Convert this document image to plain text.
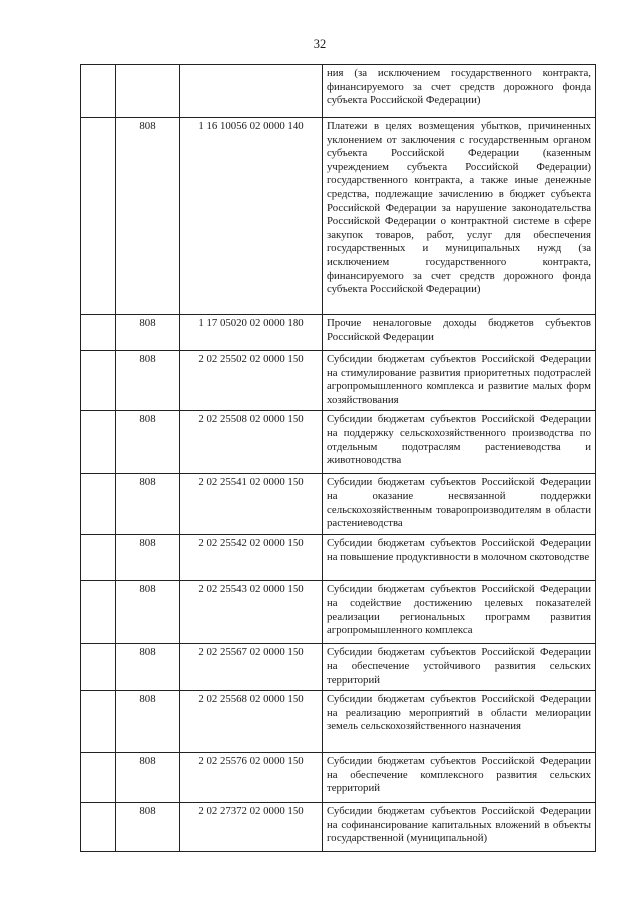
32
			ния (за исключением государственного контракта, финансируемого за счет средств дорожного фонда субъекта Российской Федерации)
	808	1 16 10056 02 0000 140	Платежи в целях возмещения убытков, причиненных уклонением от заключения с государственным органом субъекта Российской Федерации (казенным учреждением субъекта Российской Федерации) государственного контракта, а также иные денежные средства, подлежащие зачислению в бюджет субъекта Российской Федерации за нарушение законодательства Российской Федерации о контрактной системе в сфере закупок товаров, работ, услуг для обеспечения государственных и муниципальных нужд (за исключением государственного контракта, финансируемого за счет средств дорожного фонда субъекта Российской Федерации)
	808	1 17 05020 02 0000 180	Прочие неналоговые доходы бюджетов субъектов Российской Федерации
	808	2 02 25502 02 0000 150	Субсидии бюджетам субъектов Российской Федерации на стимулирование развития приоритетных подотраслей агропромышленного комплекса и развитие малых форм хозяйствования
	808	2 02 25508 02 0000 150	Субсидии бюджетам субъектов Российской Федерации на поддержку сельскохозяйственного производства по отдельным подотраслям растениеводства и животноводства
	808	2 02 25541 02 0000 150	Субсидии бюджетам субъектов Российской Федерации на оказание несвязанной поддержки сельскохозяйственным товаропроизводителям в области растениеводства
	808	2 02 25542 02 0000 150	Субсидии бюджетам субъектов Российской Федерации на повышение продуктивности в молочном скотоводстве
	808	2 02 25543 02 0000 150	Субсидии бюджетам субъектов Российской Федерации на содействие достижению целевых показателей реализации региональных программ развития агропромышленного комплекса
	808	2 02 25567 02 0000 150	Субсидии бюджетам субъектов Российской Федерации на обеспечение устойчивого развития сельских территорий
	808	2 02 25568 02 0000 150	Субсидии бюджетам субъектов Российской Федерации на реализацию мероприятий в области мелиорации земель сельскохозяйственного назначения
	808	2 02 25576 02 0000 150	Субсидии бюджетам субъектов Российской Федерации на обеспечение комплексного развития сельских территорий
	808	2 02 27372 02 0000 150	Субсидии бюджетам субъектов Российской Федерации на софинансирование капитальных вложений в объекты государственной (муниципальной)
